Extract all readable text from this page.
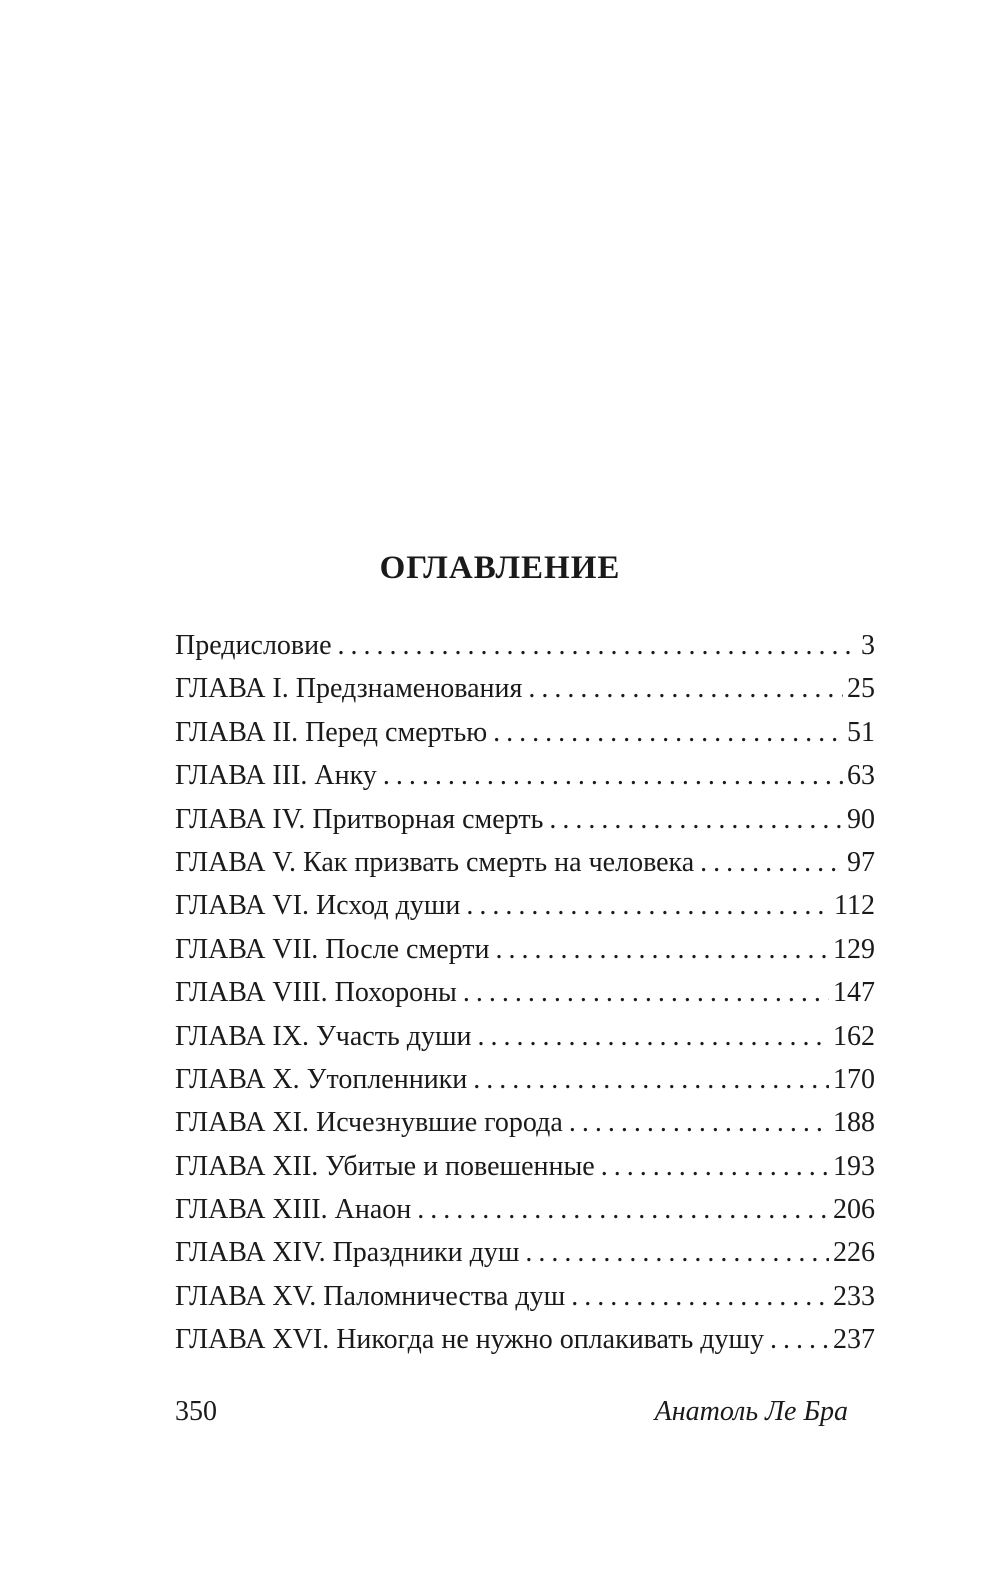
ОГЛАВЛЕНИЕ
Предисловие .....	3
ГЛАВА I. Предзнаменования .....	25
ГЛАВА II. Перед смертью .....	51
ГЛАВА III. Анку .....	63
ГЛАВА IV. Притворная смерть .....	90
ГЛАВА V. Как призвать смерть на человека .....	97
ГЛАВА VI. Исход души .....	112
ГЛАВА VII. После смерти .....	129
ГЛАВА VIII. Похороны .....	147
ГЛАВА IX. Участь души .....	162
ГЛАВА X. Утопленники .....	170
ГЛАВА XI. Исчезнувшие города .....	188
ГЛАВА XII. Убитые и повешенные .....	193
ГЛАВА XIII. Анаон .....	206
ГЛАВА XIV. Праздники душ .....	226
ГЛАВА XV. Паломничества душ .....	233
ГЛАВА XVI. Никогда не нужно оплакивать душу ..... 237
350	Анатоль Ле Бра
